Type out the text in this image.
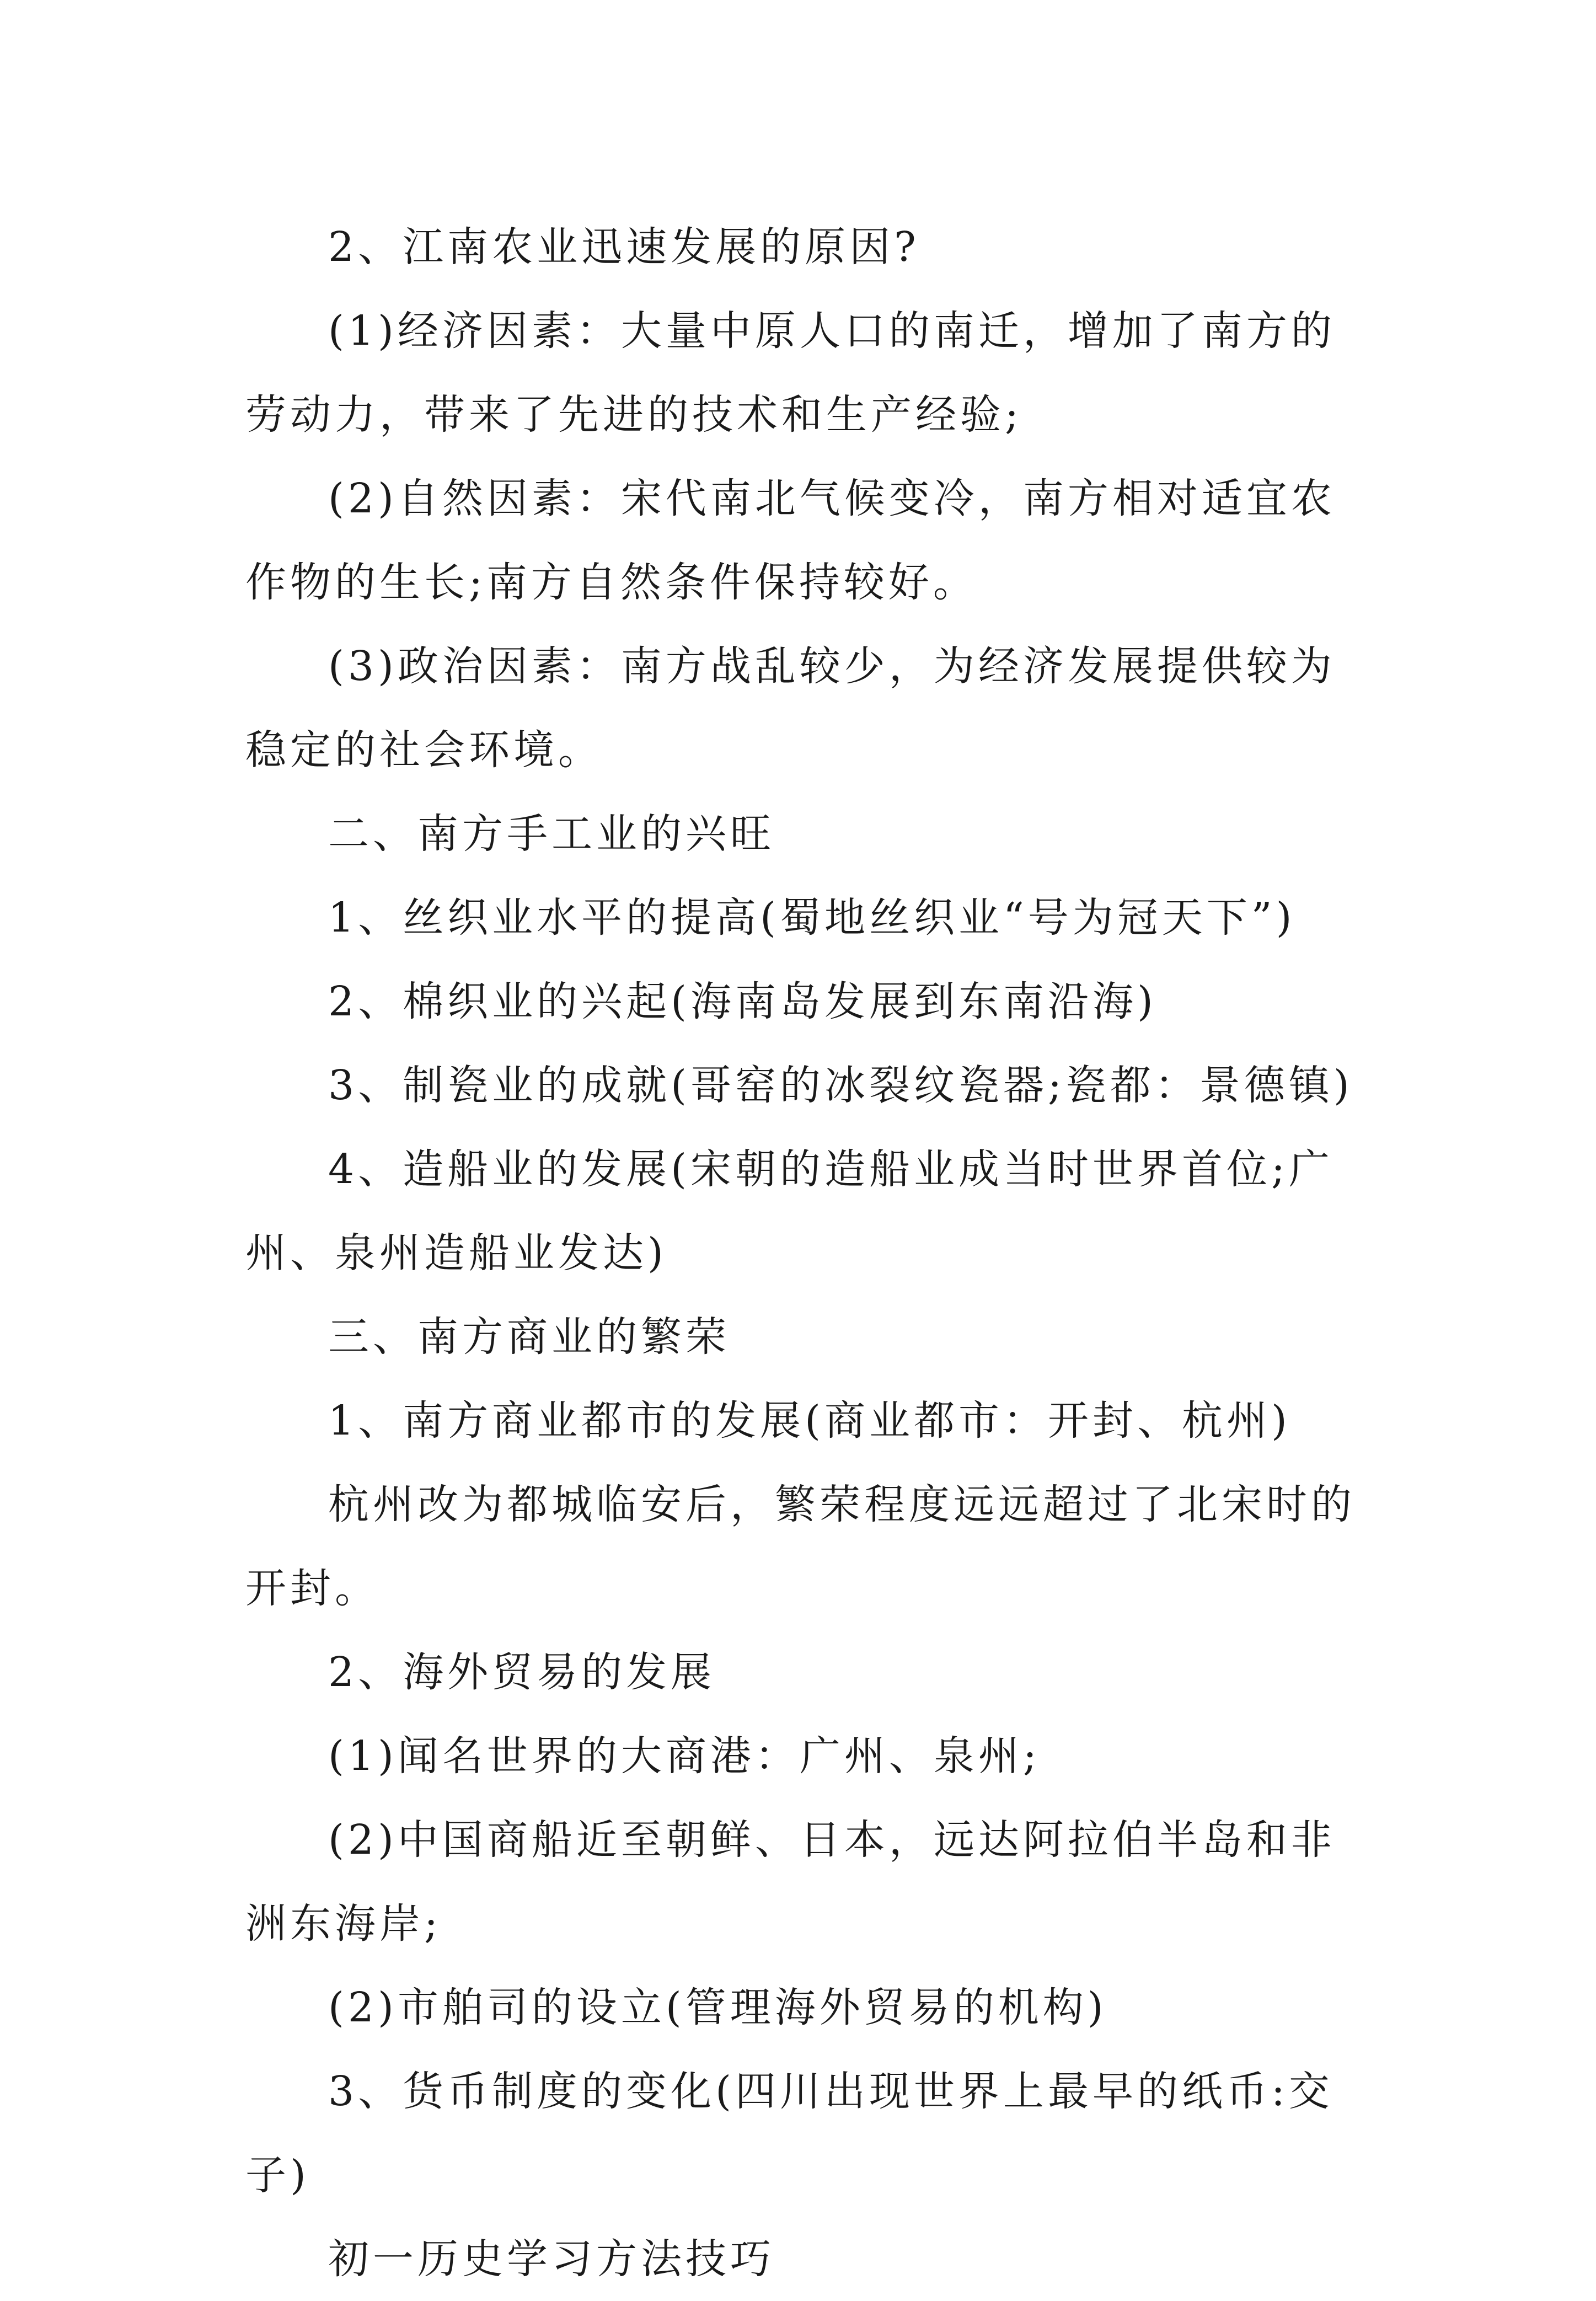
2、江南农业迅速发展的原因?

(1)经济因素：大量中原人口的南迁，增加了南方的劳动力，带来了先进的技术和生产经验;

(2)自然因素：宋代南北气候变冷，南方相对适宜农作物的生长;南方自然条件保持较好。

(3)政治因素：南方战乱较少，为经济发展提供较为稳定的社会环境。

二、南方手工业的兴旺

1、丝织业水平的提高(蜀地丝织业“号为冠天下”)

2、棉织业的兴起(海南岛发展到东南沿海)

3、制瓷业的成就(哥窑的冰裂纹瓷器;瓷都：景德镇)

4、造船业的发展(宋朝的造船业成当时世界首位;广州、泉州造船业发达)

三、南方商业的繁荣

1、南方商业都市的发展(商业都市：开封、杭州)

杭州改为都城临安后，繁荣程度远远超过了北宋时的开封。

2、海外贸易的发展

(1)闻名世界的大商港：广州、泉州;

(2)中国商船近至朝鲜、日本，远达阿拉伯半岛和非洲东海岸;

(2)市舶司的设立(管理海外贸易的机构)

3、货币制度的变化(四川出现世界上最早的纸币:交子)

初一历史学习方法技巧
